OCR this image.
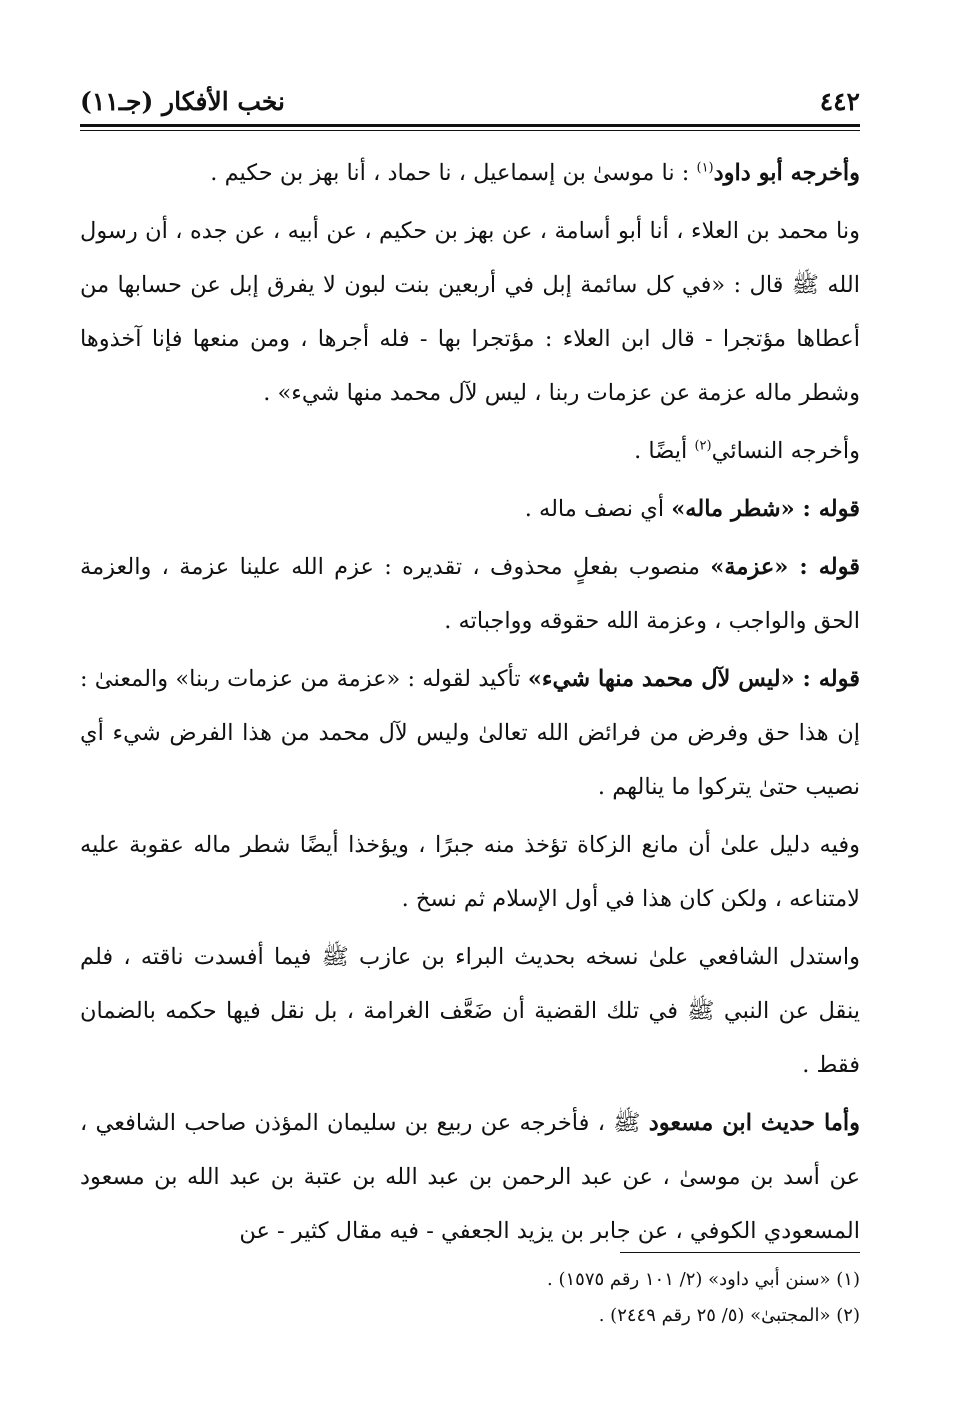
٤٤٢
نخب الأفكار (جـ١١)

وأخرجه أبو داود$^{(١)}$ : نا موسىٰ بن إسماعيل ، نا حماد ، أنا بهز بن حكيم .

ونا محمد بن العلاء ، أنا أبو أسامة ، عن بهز بن حكيم ، عن أبيه ، عن جده ، أن رسول الله ﷺ قال : «في كل سائمة إبل في أربعين بنت لبون لا يفرق إبل عن حسابها من أعطاها مؤتجرا - قال ابن العلاء : مؤتجرا بها - فله أجرها ، ومن منعها فإنا آخذوها وشطر ماله عزمة عن عزمات ربنا ، ليس لآل محمد منها شيء» .

وأخرجه النسائي$^{(٢)}$ أيضًا .

قوله : «شطر ماله» أي نصف ماله .

قوله : «عزمة» منصوب بفعلٍ محذوف ، تقديره : عزم الله علينا عزمة ، والعزمة الحق والواجب ، وعزمة الله حقوقه وواجباته .

قوله : «ليس لآل محمد منها شيء» تأكيد لقوله : «عزمة من عزمات ربنا» والمعنىٰ : إن هذا حق وفرض من فرائض الله تعالىٰ وليس لآل محمد من هذا الفرض شيء أي نصيب حتىٰ يتركوا ما ينالهم .

وفيه دليل علىٰ أن مانع الزكاة تؤخذ منه جبرًا ، ويؤخذا أيضًا شطر ماله عقوبة عليه لامتناعه ، ولكن كان هذا في أول الإسلام ثم نسخ .

واستدل الشافعي علىٰ نسخه بحديث البراء بن عازب ﷺ فيما أفسدت ناقته ، فلم ينقل عن النبي ﷺ في تلك القضية أن ضَعَّف الغرامة ، بل نقل فيها حكمه بالضمان فقط .

وأما حديث ابن مسعود ﷺ ، فأخرجه عن ربيع بن سليمان المؤذن صاحب الشافعي ، عن أسد بن موسىٰ ، عن عبد الرحمن بن عبد الله بن عتبة بن عبد الله بن مسعود المسعودي الكوفي ، عن جابر بن يزيد الجعفي - فيه مقال كثير - عن

(١) «سنن أبي داود» (٢/ ١٠١ رقم ١٥٧٥) .

(٢) «المجتبىٰ» (٥/ ٢٥ رقم ٢٤٤٩) .
